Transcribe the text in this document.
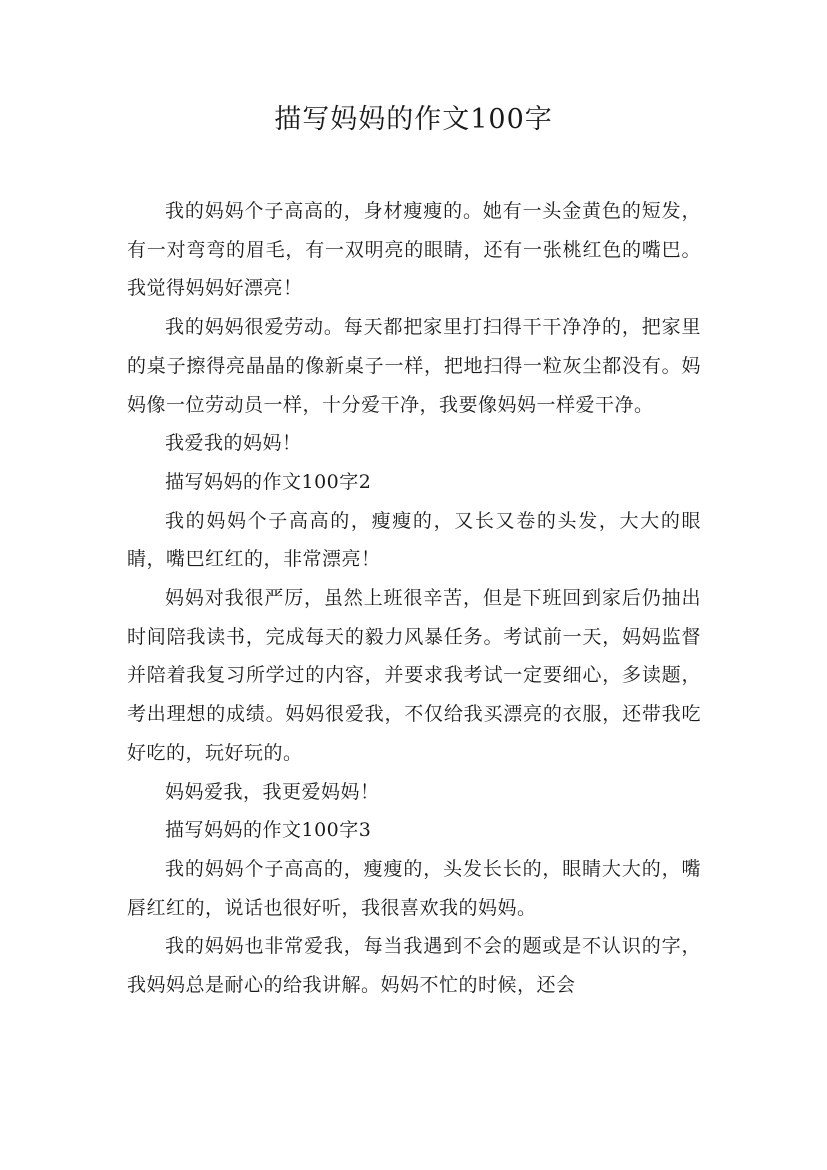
描写妈妈的作文100字

我的妈妈个子高高的，身材瘦瘦的。她有一头金黄色的短发，有一对弯弯的眉毛，有一双明亮的眼睛，还有一张桃红色的嘴巴。我觉得妈妈好漂亮！

我的妈妈很爱劳动。每天都把家里打扫得干干净净的，把家里的桌子擦得亮晶晶的像新桌子一样，把地扫得一粒灰尘都没有。妈妈像一位劳动员一样，十分爱干净，我要像妈妈一样爱干净。

我爱我的妈妈！

描写妈妈的作文100字2

我的妈妈个子高高的，瘦瘦的，又长又卷的头发，大大的眼睛，嘴巴红红的，非常漂亮！

妈妈对我很严厉，虽然上班很辛苦，但是下班回到家后仍抽出时间陪我读书，完成每天的毅力风暴任务。考试前一天，妈妈监督并陪着我复习所学过的内容，并要求我考试一定要细心，多读题，考出理想的成绩。妈妈很爱我，不仅给我买漂亮的衣服，还带我吃好吃的，玩好玩的。

妈妈爱我，我更爱妈妈！

描写妈妈的作文100字3

我的妈妈个子高高的，瘦瘦的，头发长长的，眼睛大大的，嘴唇红红的，说话也很好听，我很喜欢我的妈妈。

我的妈妈也非常爱我，每当我遇到不会的题或是不认识的字，我妈妈总是耐心的给我讲解。妈妈不忙的时候，还会
